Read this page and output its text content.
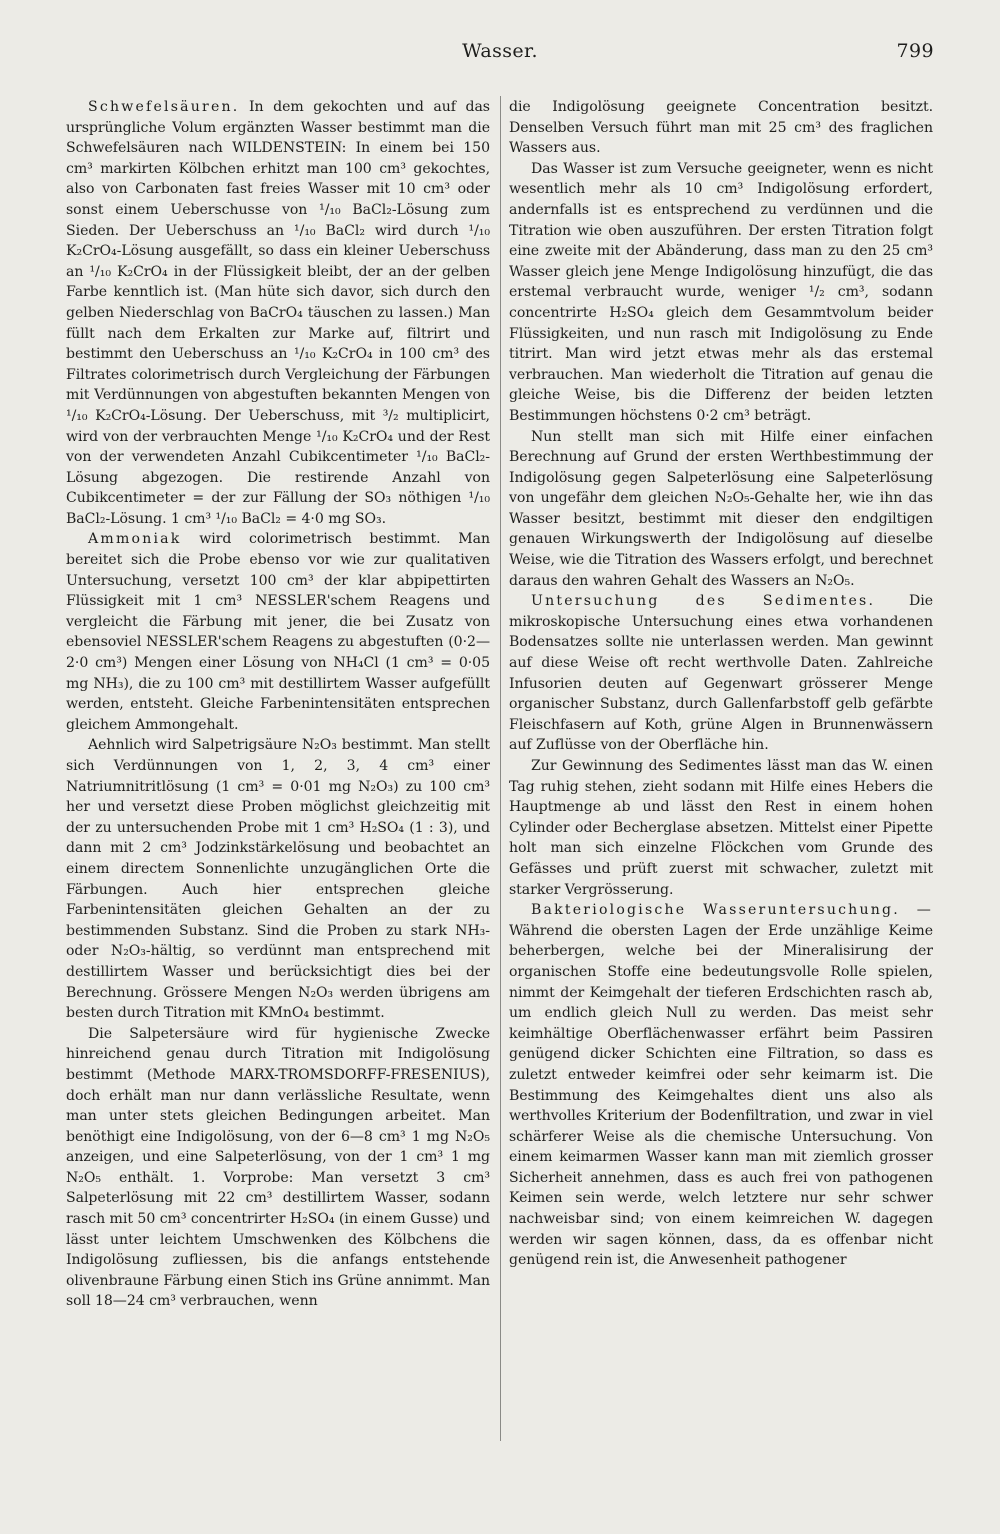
Wasser.	799

Schwefelsäuren. In dem gekochten und auf das ursprüngliche Volum ergänzten Wasser bestimmt man die Schwefelsäuren nach WILDENSTEIN: In einem bei 150 cm³ markirten Kölbchen erhitzt man 100 cm³ gekochtes, also von Carbonaten fast freies Wasser mit 10 cm³ oder sonst einem Ueberschusse von ¹/₁₀ BaCl₂-Lösung zum Sieden. Der Ueberschuss an ¹/₁₀ BaCl₂ wird durch ¹/₁₀ K₂CrO₄-Lösung ausgefällt, so dass ein kleiner Ueberschuss an ¹/₁₀ K₂CrO₄ in der Flüssigkeit bleibt, der an der gelben Farbe kenntlich ist. (Man hüte sich davor, sich durch den gelben Niederschlag von BaCrO₄ täuschen zu lassen.) Man füllt nach dem Erkalten zur Marke auf, filtrirt und bestimmt den Ueberschuss an ¹/₁₀ K₂CrO₄ in 100 cm³ des Filtrates colorimetrisch durch Vergleichung der Färbungen mit Verdünnungen von abgestuften bekannten Mengen von ¹/₁₀ K₂CrO₄-Lösung. Der Ueberschuss, mit ³/₂ multiplicirt, wird von der verbrauchten Menge ¹/₁₀ K₂CrO₄ und der Rest von der verwendeten Anzahl Cubikcentimeter ¹/₁₀ BaCl₂-Lösung abgezogen. Die restirende Anzahl von Cubikcentimeter = der zur Fällung der SO₃ nöthigen ¹/₁₀ BaCl₂-Lösung. 1 cm³ ¹/₁₀ BaCl₂ = 4·0 mg SO₃.

Ammoniak wird colorimetrisch bestimmt. Man bereitet sich die Probe ebenso vor wie zur qualitativen Untersuchung, versetzt 100 cm³ der klar abpipettirten Flüssigkeit mit 1 cm³ NESSLER'schem Reagens und vergleicht die Färbung mit jener, die bei Zusatz von ebensoviel NESSLER'schem Reagens zu abgestuften (0·2—2·0 cm³) Mengen einer Lösung von NH₄Cl (1 cm³ = 0·05 mg NH₃), die zu 100 cm³ mit destillirtem Wasser aufgefüllt werden, entsteht. Gleiche Farbenintensitäten entsprechen gleichem Ammongehalt.

Aehnlich wird Salpetrigsäure N₂O₃ bestimmt. Man stellt sich Verdünnungen von 1, 2, 3, 4 cm³ einer Natriumnitritlösung (1 cm³ = 0·01 mg N₂O₃) zu 100 cm³ her und versetzt diese Proben möglichst gleichzeitig mit der zu untersuchenden Probe mit 1 cm³ H₂SO₄ (1 : 3), und dann mit 2 cm³ Jodzinkstärkelösung und beobachtet an einem directem Sonnenlichte unzugänglichen Orte die Färbungen. Auch hier entsprechen gleiche Farbenintensitäten gleichen Gehalten an der zu bestimmenden Substanz. Sind die Proben zu stark NH₃- oder N₂O₃-hältig, so verdünnt man entsprechend mit destillirtem Wasser und berücksichtigt dies bei der Berechnung. Grössere Mengen N₂O₃ werden übrigens am besten durch Titration mit KMnO₄ bestimmt.

Die Salpetersäure wird für hygienische Zwecke hinreichend genau durch Titration mit Indigolösung bestimmt (Methode MARX-TROMSDORFF-FRESENIUS), doch erhält man nur dann verlässliche Resultate, wenn man unter stets gleichen Bedingungen arbeitet. Man benöthigt eine Indigolösung, von der 6—8 cm³ 1 mg N₂O₅ anzeigen, und eine Salpeterlösung, von der 1 cm³ 1 mg N₂O₅ enthält. 1. Vorprobe: Man versetzt 3 cm³ Salpeterlösung mit 22 cm³ destillirtem Wasser, sodann rasch mit 50 cm³ concentrirter H₂SO₄ (in einem Gusse) und lässt unter leichtem Umschwenken des Kölbchens die Indigolösung zufliessen, bis die anfangs entstehende olivenbraune Färbung einen Stich ins Grüne annimmt. Man soll 18—24 cm³ verbrauchen, wenn

die Indigolösung geeignete Concentration besitzt. Denselben Versuch führt man mit 25 cm³ des fraglichen Wassers aus.

Das Wasser ist zum Versuche geeigneter, wenn es nicht wesentlich mehr als 10 cm³ Indigolösung erfordert, andernfalls ist es entsprechend zu verdünnen und die Titration wie oben auszuführen. Der ersten Titration folgt eine zweite mit der Abänderung, dass man zu den 25 cm³ Wasser gleich jene Menge Indigolösung hinzufügt, die das erstemal verbraucht wurde, weniger ¹/₂ cm³, sodann concentrirte H₂SO₄ gleich dem Gesammtvolum beider Flüssigkeiten, und nun rasch mit Indigolösung zu Ende titrirt. Man wird jetzt etwas mehr als das erstemal verbrauchen. Man wiederholt die Titration auf genau die gleiche Weise, bis die Differenz der beiden letzten Bestimmungen höchstens 0·2 cm³ beträgt.

Nun stellt man sich mit Hilfe einer einfachen Berechnung auf Grund der ersten Werthbestimmung der Indigolösung gegen Salpeterlösung eine Salpeterlösung von ungefähr dem gleichen N₂O₅-Gehalte her, wie ihn das Wasser besitzt, bestimmt mit dieser den endgiltigen genauen Wirkungswerth der Indigolösung auf dieselbe Weise, wie die Titration des Wassers erfolgt, und berechnet daraus den wahren Gehalt des Wassers an N₂O₅.

Untersuchung des Sedimentes. Die mikroskopische Untersuchung eines etwa vorhandenen Bodensatzes sollte nie unterlassen werden. Man gewinnt auf diese Weise oft recht werthvolle Daten. Zahlreiche Infusorien deuten auf Gegenwart grösserer Menge organischer Substanz, durch Gallenfarbstoff gelb gefärbte Fleischfasern auf Koth, grüne Algen in Brunnenwässern auf Zuflüsse von der Oberfläche hin.

Zur Gewinnung des Sedimentes lässt man das W. einen Tag ruhig stehen, zieht sodann mit Hilfe eines Hebers die Hauptmenge ab und lässt den Rest in einem hohen Cylinder oder Becherglase absetzen. Mittelst einer Pipette holt man sich einzelne Flöckchen vom Grunde des Gefässes und prüft zuerst mit schwacher, zuletzt mit starker Vergrösserung.

Bakteriologische Wasseruntersuchung. — Während die obersten Lagen der Erde unzählige Keime beherbergen, welche bei der Mineralisirung der organischen Stoffe eine bedeutungsvolle Rolle spielen, nimmt der Keimgehalt der tieferen Erdschichten rasch ab, um endlich gleich Null zu werden. Das meist sehr keimhältige Oberflächenwasser erfährt beim Passiren genügend dicker Schichten eine Filtration, so dass es zuletzt entweder keimfrei oder sehr keimarm ist. Die Bestimmung des Keimgehaltes dient uns also als werthvolles Kriterium der Bodenfiltration, und zwar in viel schärferer Weise als die chemische Untersuchung. Von einem keimarmen Wasser kann man mit ziemlich grosser Sicherheit annehmen, dass es auch frei von pathogenen Keimen sein werde, welch letztere nur sehr schwer nachweisbar sind; von einem keimreichen W. dagegen werden wir sagen können, dass, da es offenbar nicht genügend rein ist, die Anwesenheit pathogener
